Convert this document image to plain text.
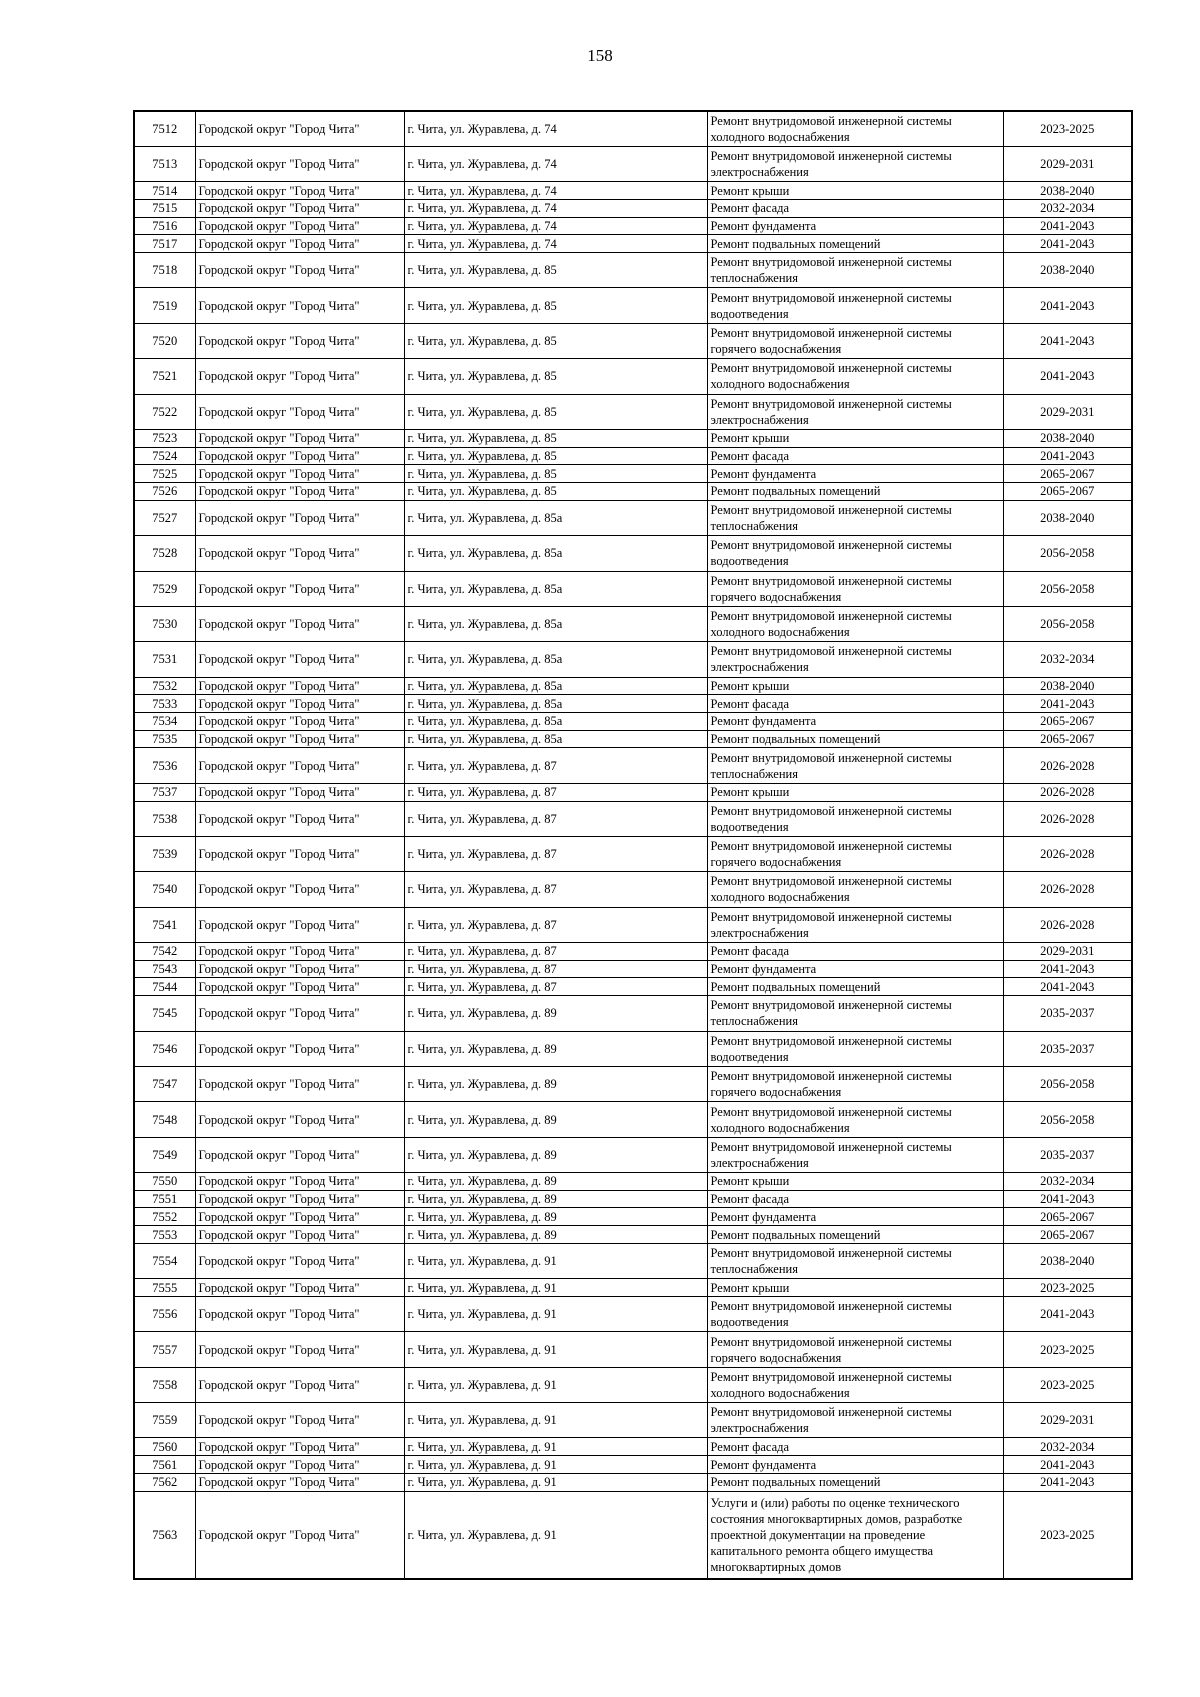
158
7512	Городской округ "Город Чита"	г. Чита, ул. Журавлева, д. 74	Ремонт внутридомовой инженерной системы холодного водоснабжения	2023-2025
7513	Городской округ "Город Чита"	г. Чита, ул. Журавлева, д. 74	Ремонт внутридомовой инженерной системы электроснабжения	2029-2031
7514	Городской округ "Город Чита"	г. Чита, ул. Журавлева, д. 74	Ремонт крыши	2038-2040
7515	Городской округ "Город Чита"	г. Чита, ул. Журавлева, д. 74	Ремонт фасада	2032-2034
7516	Городской округ "Город Чита"	г. Чита, ул. Журавлева, д. 74	Ремонт фундамента	2041-2043
7517	Городской округ "Город Чита"	г. Чита, ул. Журавлева, д. 74	Ремонт подвальных помещений	2041-2043
7518	Городской округ "Город Чита"	г. Чита, ул. Журавлева, д. 85	Ремонт внутридомовой инженерной системы теплоснабжения	2038-2040
7519	Городской округ "Город Чита"	г. Чита, ул. Журавлева, д. 85	Ремонт внутридомовой инженерной системы водоотведения	2041-2043
7520	Городской округ "Город Чита"	г. Чита, ул. Журавлева, д. 85	Ремонт внутридомовой инженерной системы горячего водоснабжения	2041-2043
7521	Городской округ "Город Чита"	г. Чита, ул. Журавлева, д. 85	Ремонт внутридомовой инженерной системы холодного водоснабжения	2041-2043
7522	Городской округ "Город Чита"	г. Чита, ул. Журавлева, д. 85	Ремонт внутридомовой инженерной системы электроснабжения	2029-2031
7523	Городской округ "Город Чита"	г. Чита, ул. Журавлева, д. 85	Ремонт крыши	2038-2040
7524	Городской округ "Город Чита"	г. Чита, ул. Журавлева, д. 85	Ремонт фасада	2041-2043
7525	Городской округ "Город Чита"	г. Чита, ул. Журавлева, д. 85	Ремонт фундамента	2065-2067
7526	Городской округ "Город Чита"	г. Чита, ул. Журавлева, д. 85	Ремонт подвальных помещений	2065-2067
7527	Городской округ "Город Чита"	г. Чита, ул. Журавлева, д. 85а	Ремонт внутридомовой инженерной системы теплоснабжения	2038-2040
7528	Городской округ "Город Чита"	г. Чита, ул. Журавлева, д. 85а	Ремонт внутридомовой инженерной системы водоотведения	2056-2058
7529	Городской округ "Город Чита"	г. Чита, ул. Журавлева, д. 85а	Ремонт внутридомовой инженерной системы горячего водоснабжения	2056-2058
7530	Городской округ "Город Чита"	г. Чита, ул. Журавлева, д. 85а	Ремонт внутридомовой инженерной системы холодного водоснабжения	2056-2058
7531	Городской округ "Город Чита"	г. Чита, ул. Журавлева, д. 85а	Ремонт внутридомовой инженерной системы электроснабжения	2032-2034
7532	Городской округ "Город Чита"	г. Чита, ул. Журавлева, д. 85а	Ремонт крыши	2038-2040
7533	Городской округ "Город Чита"	г. Чита, ул. Журавлева, д. 85а	Ремонт фасада	2041-2043
7534	Городской округ "Город Чита"	г. Чита, ул. Журавлева, д. 85а	Ремонт фундамента	2065-2067
7535	Городской округ "Город Чита"	г. Чита, ул. Журавлева, д. 85а	Ремонт подвальных помещений	2065-2067
7536	Городской округ "Город Чита"	г. Чита, ул. Журавлева, д. 87	Ремонт внутридомовой инженерной системы теплоснабжения	2026-2028
7537	Городской округ "Город Чита"	г. Чита, ул. Журавлева, д. 87	Ремонт крыши	2026-2028
7538	Городской округ "Город Чита"	г. Чита, ул. Журавлева, д. 87	Ремонт внутридомовой инженерной системы водоотведения	2026-2028
7539	Городской округ "Город Чита"	г. Чита, ул. Журавлева, д. 87	Ремонт внутридомовой инженерной системы горячего водоснабжения	2026-2028
7540	Городской округ "Город Чита"	г. Чита, ул. Журавлева, д. 87	Ремонт внутридомовой инженерной системы холодного водоснабжения	2026-2028
7541	Городской округ "Город Чита"	г. Чита, ул. Журавлева, д. 87	Ремонт внутридомовой инженерной системы электроснабжения	2026-2028
7542	Городской округ "Город Чита"	г. Чита, ул. Журавлева, д. 87	Ремонт фасада	2029-2031
7543	Городской округ "Город Чита"	г. Чита, ул. Журавлева, д. 87	Ремонт фундамента	2041-2043
7544	Городской округ "Город Чита"	г. Чита, ул. Журавлева, д. 87	Ремонт подвальных помещений	2041-2043
7545	Городской округ "Город Чита"	г. Чита, ул. Журавлева, д. 89	Ремонт внутридомовой инженерной системы теплоснабжения	2035-2037
7546	Городской округ "Город Чита"	г. Чита, ул. Журавлева, д. 89	Ремонт внутридомовой инженерной системы водоотведения	2035-2037
7547	Городской округ "Город Чита"	г. Чита, ул. Журавлева, д. 89	Ремонт внутридомовой инженерной системы горячего водоснабжения	2056-2058
7548	Городской округ "Город Чита"	г. Чита, ул. Журавлева, д. 89	Ремонт внутридомовой инженерной системы холодного водоснабжения	2056-2058
7549	Городской округ "Город Чита"	г. Чита, ул. Журавлева, д. 89	Ремонт внутридомовой инженерной системы электроснабжения	2035-2037
7550	Городской округ "Город Чита"	г. Чита, ул. Журавлева, д. 89	Ремонт крыши	2032-2034
7551	Городской округ "Город Чита"	г. Чита, ул. Журавлева, д. 89	Ремонт фасада	2041-2043
7552	Городской округ "Город Чита"	г. Чита, ул. Журавлева, д. 89	Ремонт фундамента	2065-2067
7553	Городской округ "Город Чита"	г. Чита, ул. Журавлева, д. 89	Ремонт подвальных помещений	2065-2067
7554	Городской округ "Город Чита"	г. Чита, ул. Журавлева, д. 91	Ремонт внутридомовой инженерной системы теплоснабжения	2038-2040
7555	Городской округ "Город Чита"	г. Чита, ул. Журавлева, д. 91	Ремонт крыши	2023-2025
7556	Городской округ "Город Чита"	г. Чита, ул. Журавлева, д. 91	Ремонт внутридомовой инженерной системы водоотведения	2041-2043
7557	Городской округ "Город Чита"	г. Чита, ул. Журавлева, д. 91	Ремонт внутридомовой инженерной системы горячего водоснабжения	2023-2025
7558	Городской округ "Город Чита"	г. Чита, ул. Журавлева, д. 91	Ремонт внутридомовой инженерной системы холодного водоснабжения	2023-2025
7559	Городской округ "Город Чита"	г. Чита, ул. Журавлева, д. 91	Ремонт внутридомовой инженерной системы электроснабжения	2029-2031
7560	Городской округ "Город Чита"	г. Чита, ул. Журавлева, д. 91	Ремонт фасада	2032-2034
7561	Городской округ "Город Чита"	г. Чита, ул. Журавлева, д. 91	Ремонт фундамента	2041-2043
7562	Городской округ "Город Чита"	г. Чита, ул. Журавлева, д. 91	Ремонт подвальных помещений	2041-2043
7563	Городской округ "Город Чита"	г. Чита, ул. Журавлева, д. 91	Услуги и (или) работы по оценке технического состояния многоквартирных домов, разработке проектной документации на проведение капитального ремонта общего имущества многоквартирных домов	2023-2025
